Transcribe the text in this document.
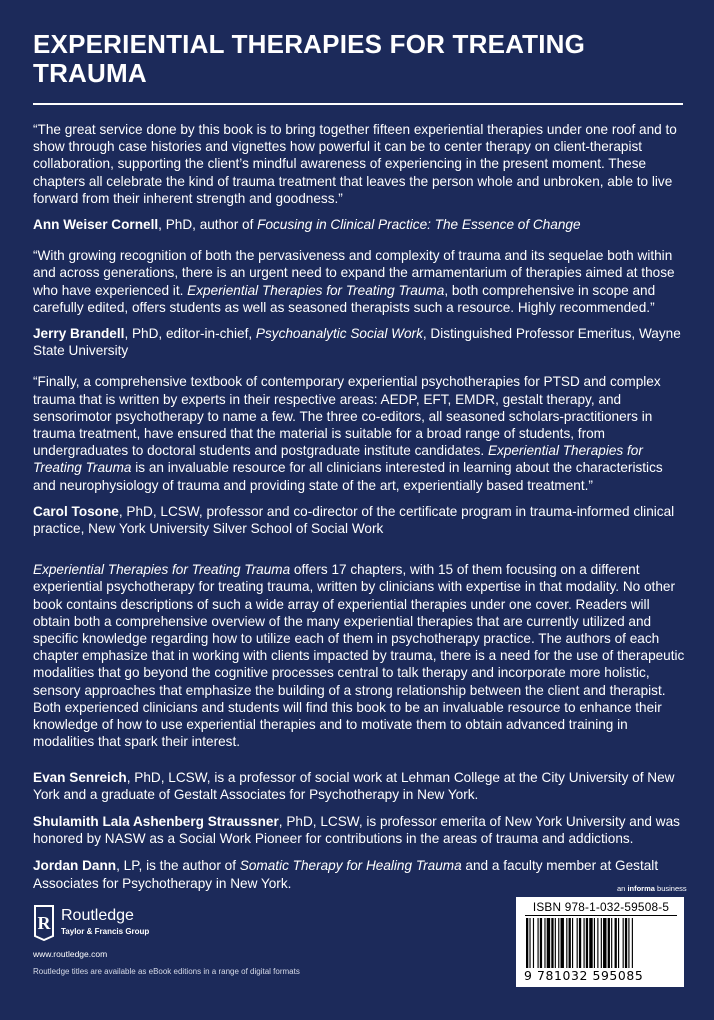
EXPERIENTIAL THERAPIES FOR TREATING TRAUMA

“The great service done by this book is to bring together fifteen experiential therapies under one roof and to show through case histories and vignettes how powerful it can be to center therapy on client-therapist collaboration, supporting the client’s mindful awareness of experiencing in the present moment. These chapters all celebrate the kind of trauma treatment that leaves the person whole and unbroken, able to live forward from their inherent strength and goodness.”

Ann Weiser Cornell, PhD, author of Focusing in Clinical Practice: The Essence of Change

“With growing recognition of both the pervasiveness and complexity of trauma and its sequelae both within and across generations, there is an urgent need to expand the armamentarium of therapies aimed at those who have experienced it. Experiential Therapies for Treating Trauma, both comprehensive in scope and carefully edited, offers students as well as seasoned therapists such a resource. Highly recommended.”

Jerry Brandell, PhD, editor-in-chief, Psychoanalytic Social Work, Distinguished Professor Emeritus, Wayne State University

“Finally, a comprehensive textbook of contemporary experiential psychotherapies for PTSD and complex trauma that is written by experts in their respective areas: AEDP, EFT, EMDR, gestalt therapy, and sensorimotor psychotherapy to name a few. The three co-editors, all seasoned scholars-practitioners in trauma treatment, have ensured that the material is suitable for a broad range of students, from undergraduates to doctoral students and postgraduate institute candidates. Experiential Therapies for Treating Trauma is an invaluable resource for all clinicians interested in learning about the characteristics and neurophysiology of trauma and providing state of the art, experientially based treatment.”

Carol Tosone, PhD, LCSW, professor and co-director of the certificate program in trauma-informed clinical practice, New York University Silver School of Social Work

Experiential Therapies for Treating Trauma offers 17 chapters, with 15 of them focusing on a different experiential psychotherapy for treating trauma, written by clinicians with expertise in that modality. No other book contains descriptions of such a wide array of experiential therapies under one cover. Readers will obtain both a comprehensive overview of the many experiential therapies that are currently utilized and specific knowledge regarding how to utilize each of them in psychotherapy practice. The authors of each chapter emphasize that in working with clients impacted by trauma, there is a need for the use of therapeutic modalities that go beyond the cognitive processes central to talk therapy and incorporate more holistic, sensory approaches that emphasize the building of a strong relationship between the client and therapist. Both experienced clinicians and students will find this book to be an invaluable resource to enhance their knowledge of how to use experiential therapies and to motivate them to obtain advanced training in modalities that spark their interest.

Evan Senreich, PhD, LCSW, is a professor of social work at Lehman College at the City University of New York and a graduate of Gestalt Associates for Psychotherapy in New York.

Shulamith Lala Ashenberg Straussner, PhD, LCSW, is professor emerita of New York University and was honored by NASW as a Social Work Pioneer for contributions in the areas of trauma and addictions.

Jordan Dann, LP, is the author of Somatic Therapy for Healing Trauma and a faculty member at Gestalt Associates for Psychotherapy in New York.	an informa business
ISBN 978-1-032-59508-5
9 781032 595085
R Routledge
Taylor & Francis Group
www.routledge.com
Routledge titles are available as eBook editions in a range of digital formats
